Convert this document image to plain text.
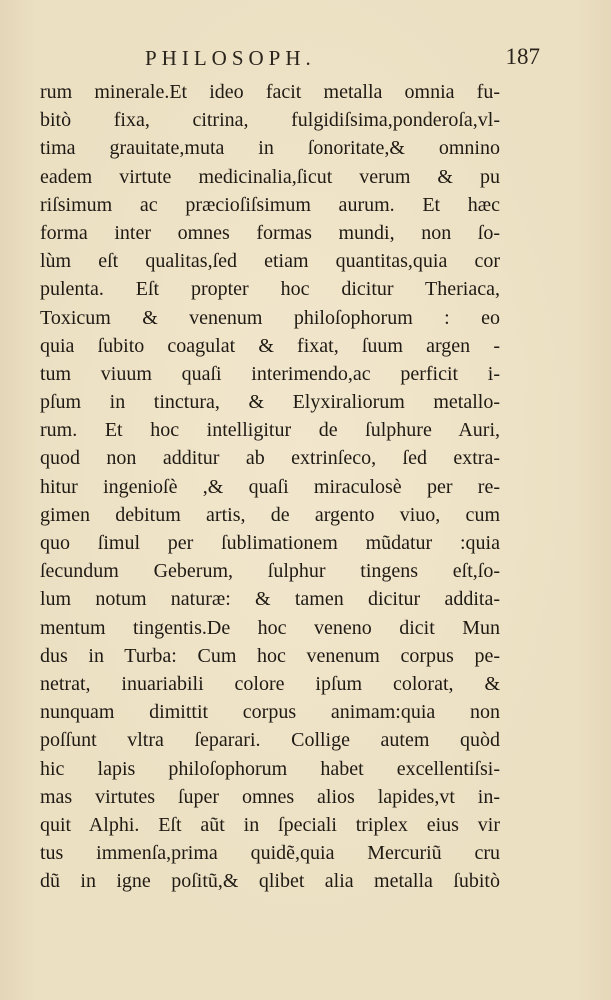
PHILOSOPH.	187
rum minerale.Et ideo facit metalla omnia fu-
bitò fixa, citrina, fulgidiſsima,ponderoſa,vl-
tima grauitate,muta in ſonoritate,& omnino
eadem virtute medicinalia,ſicut verum & pu
riſsimum ac præcioſiſsimum aurum. Et hæc
forma inter omnes formas mundi, non ſo-
lùm eſt qualitas,ſed etiam quantitas,quia cor
pulenta. Eſt propter hoc dicitur Theriaca,
Toxicum & venenum philoſophorum : eo
quia ſubito coagulat & fixat, ſuum argen -
tum viuum quaſi interimendo,ac perficit i-
pſum in tinctura, & Elyxiraliorum metallo-
rum. Et hoc intelligitur de ſulphure Auri,
quod non additur ab extrinſeco, ſed extra-
hitur ingenioſè ,& quaſi miraculosè per re-
gimen debitum artis, de argento viuo, cum
quo ſimul per ſublimationem mũdatur :quia
ſecundum Geberum, ſulphur tingens eſt,ſo-
lum notum naturæ: & tamen dicitur addita-
mentum tingentis.De hoc veneno dicit Mun
dus in Turba: Cum hoc venenum corpus pe-
netrat, inuariabili colore ipſum colorat, &
nunquam dimittit corpus animam:quia non
poſſunt vltra ſeparari. Collige autem quòd
hic lapis philoſophorum habet excellentiſsi-
mas virtutes ſuper omnes alios lapides,vt in-
quit Alphi. Eſt aũt in ſpeciali triplex eius vir
tus immenſa,prima quidẽ,quia Mercuriũ cru
dũ in igne poſitũ,& qlibet alia metalla ſubitò
